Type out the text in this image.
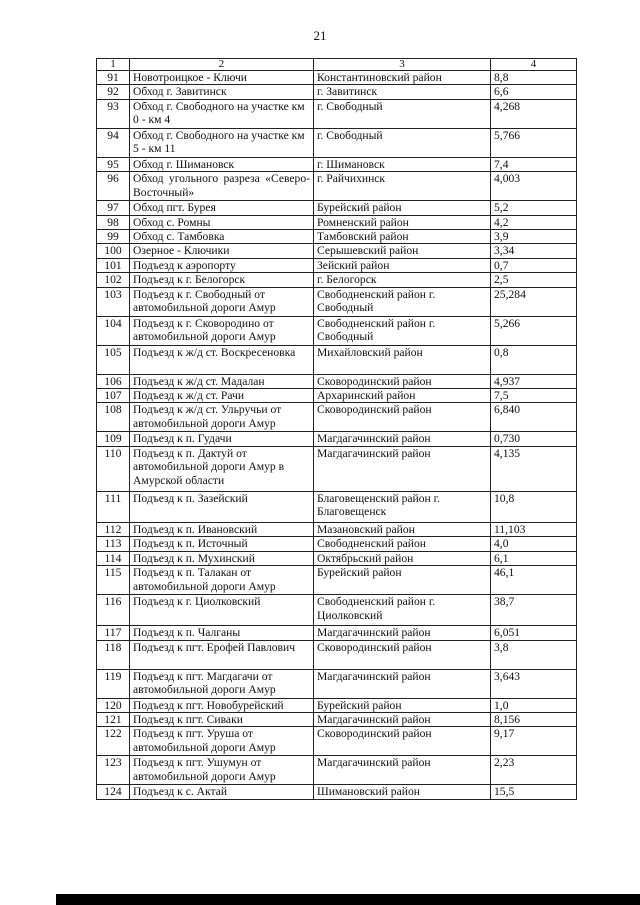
21
1	2	3	4
91	Новотроицкое - Ключи	Константиновский район	8,8
92	Обход г. Завитинск	г. Завитинск	6,6
93	Обход г. Свободного на участке км 0 - км 4	г. Свободный	4,268
94	Обход г. Свободного на участке км 5 - км 11	г. Свободный	5,766
95	Обход г. Шимановск	г. Шимановск	7,4
96	Обход угольного разреза «Северо-Восточный»	г. Райчихинск	4,003
97	Обход пгт. Бурея	Бурейский район	5,2
98	Обход с. Ромны	Ромненский район	4,2
99	Обход с. Тамбовка	Тамбовский район	3,9
100	Озерное - Ключики	Серышевский район	3,34
101	Подъезд к аэропорту	Зейский район	0,7
102	Подъезд к г. Белогорск	г. Белогорск	2,5
103	Подъезд к г. Свободный от автомобильной дороги Амур	Свободненский район г. Свободный	25,284
104	Подъезд к г. Сковородино от автомобильной дороги Амур	Свободненский район г. Свободный	5,266
105	Подъезд к ж/д ст. Воскресеновка	Михайловский район	0,8
106	Подъезд к ж/д ст. Мадалан	Сковородинский район	4,937
107	Подъезд к ж/д ст. Рачи	Архаринский район	7,5
108	Подъезд к ж/д ст. Ульручьи от автомобильной дороги Амур	Сковородинский район	6,840
109	Подъезд к п. Гудачи	Магдагачинский район	0,730
110	Подъезд к п. Дактуй от автомобильной дороги Амур в Амурской области	Магдагачинский район	4,135
111	Подъезд к п. Зазейский	Благовещенский район г. Благовещенск	10,8
112	Подъезд к п. Ивановский	Мазановский район	11,103
113	Подъезд к п. Источный	Свободненский район	4,0
114	Подъезд к п. Мухинский	Октябрьский район	6,1
115	Подъезд к п. Талакан от автомобильной дороги Амур	Бурейский район	46,1
116	Подъезд к г. Циолковский	Свободненский район г. Циолковский	38,7
117	Подъезд к п. Чалганы	Магдагачинский район	6,051
118	Подъезд к пгт. Ерофей Павлович	Сковородинский район	3,8
119	Подъезд к пгт. Магдагачи от автомобильной дороги Амур	Магдагачинский район	3,643
120	Подъезд к пгт. Новобурейский	Бурейский район	1,0
121	Подъезд к пгт. Сиваки	Магдагачинский район	8,156
122	Подъезд к пгт. Уруша от автомобильной дороги Амур	Сковородинский район	9,17
123	Подъезд к пгт. Ушумун от автомобильной дороги Амур	Магдагачинский район	2,23
124	Подъезд к с. Актай	Шимановский район	15,5
